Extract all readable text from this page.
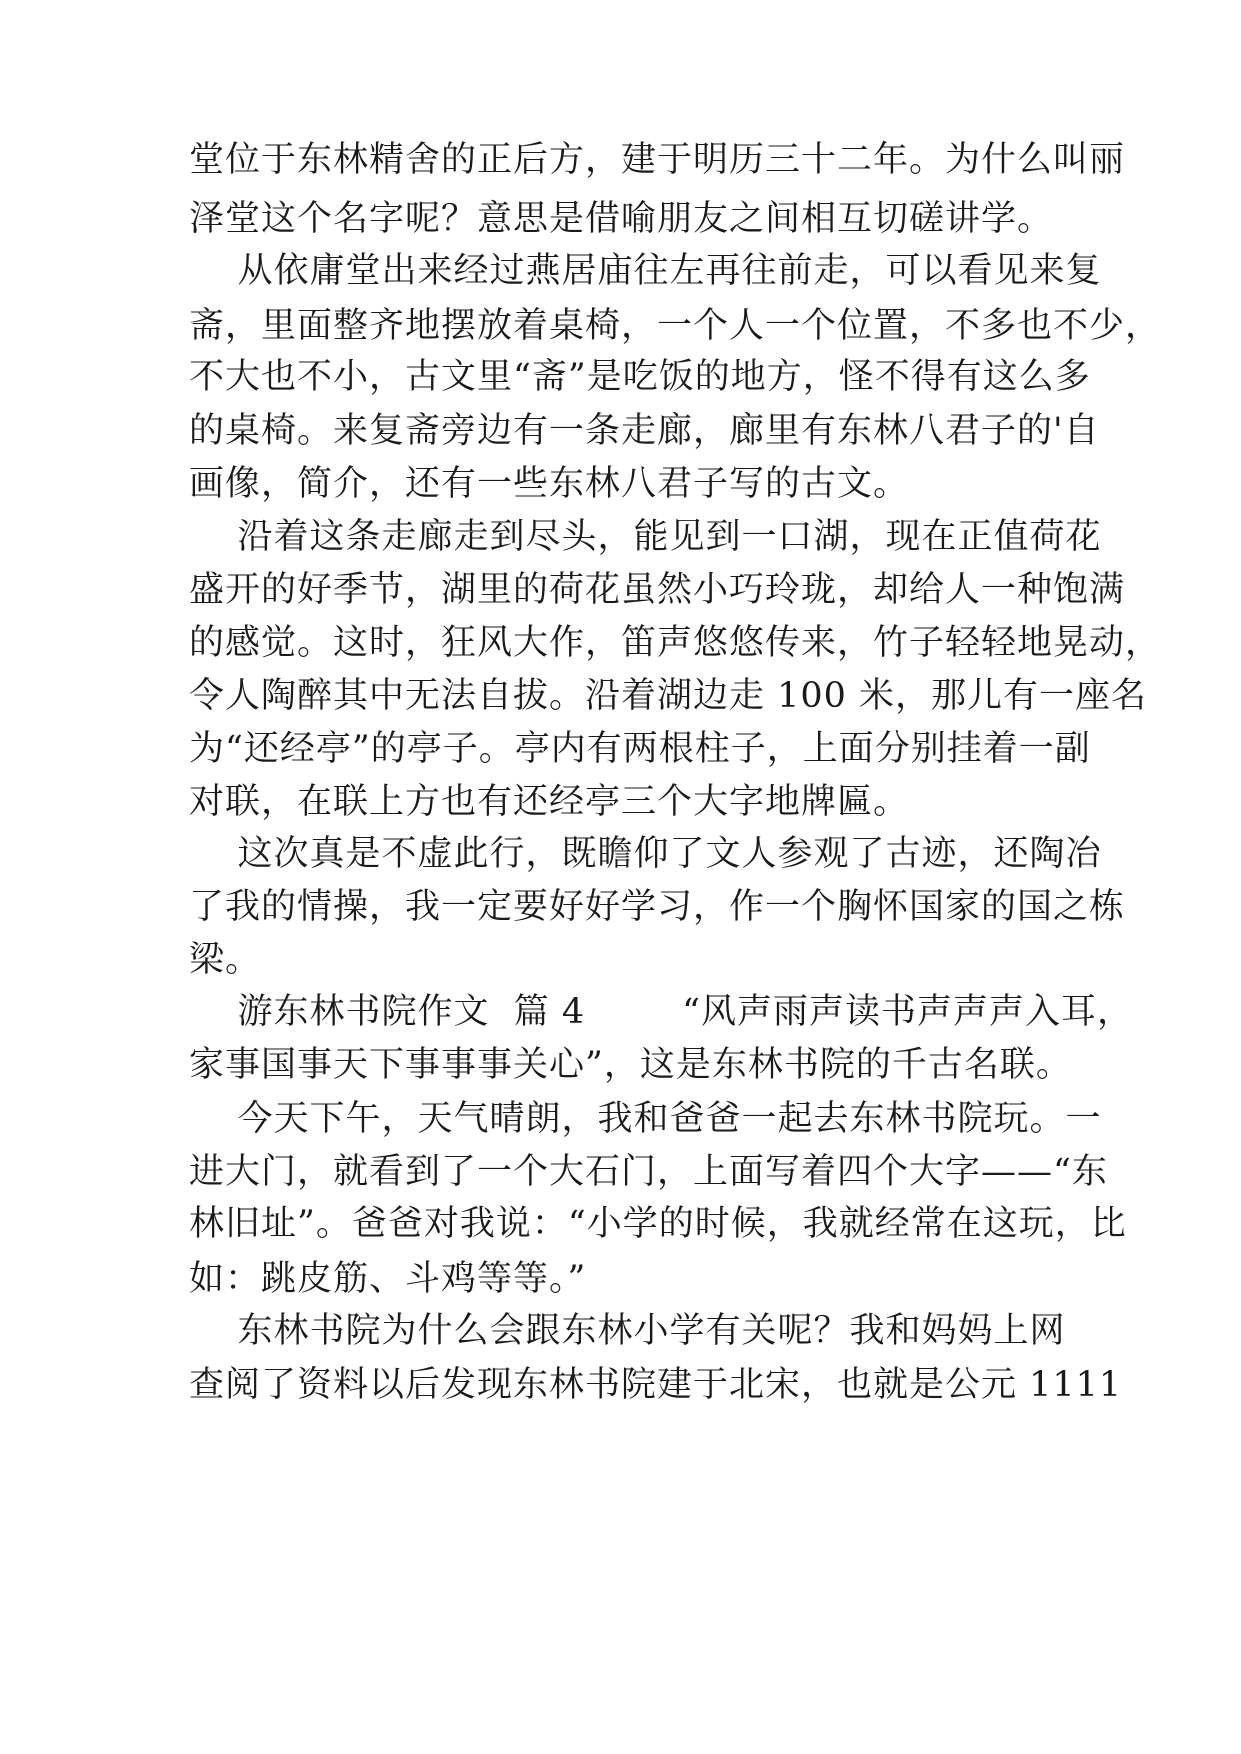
堂位于东林精舍的正后方，建于明历三十二年。为什么叫丽
泽堂这个名字呢？意思是借喻朋友之间相互切磋讲学。
从依庸堂出来经过燕居庙往左再往前走，可以看见来复
斋，里面整齐地摆放着桌椅，一个人一个位置，不多也不少，
不大也不小，古文里“斋”是吃饭的地方，怪不得有这么多
的桌椅。来复斋旁边有一条走廊，廊里有东林八君子的'自
画像，简介，还有一些东林八君子写的古文。
沿着这条走廊走到尽头，能见到一口湖，现在正值荷花
盛开的好季节，湖里的荷花虽然小巧玲珑，却给人一种饱满
的感觉。这时，狂风大作，笛声悠悠传来，竹子轻轻地晃动，
令人陶醉其中无法自拔。沿着湖边走 100 米，那儿有一座名
为“还经亭”的亭子。亭内有两根柱子，上面分别挂着一副
对联，在联上方也有还经亭三个大字地牌匾。
这次真是不虚此行，既瞻仰了文人参观了古迹，还陶冶
了我的情操，我一定要好好学习，作一个胸怀国家的国之栋
梁。
游东林书院作文  篇 4        “风声雨声读书声声声入耳，
家事国事天下事事事关心”，这是东林书院的千古名联。
今天下午，天气晴朗，我和爸爸一起去东林书院玩。一
进大门，就看到了一个大石门，上面写着四个大字——“东
林旧址”。爸爸对我说：“小学的时候，我就经常在这玩，比
如：跳皮筋、斗鸡等等。”
东林书院为什么会跟东林小学有关呢？我和妈妈上网
查阅了资料以后发现东林书院建于北宋，也就是公元 1111
